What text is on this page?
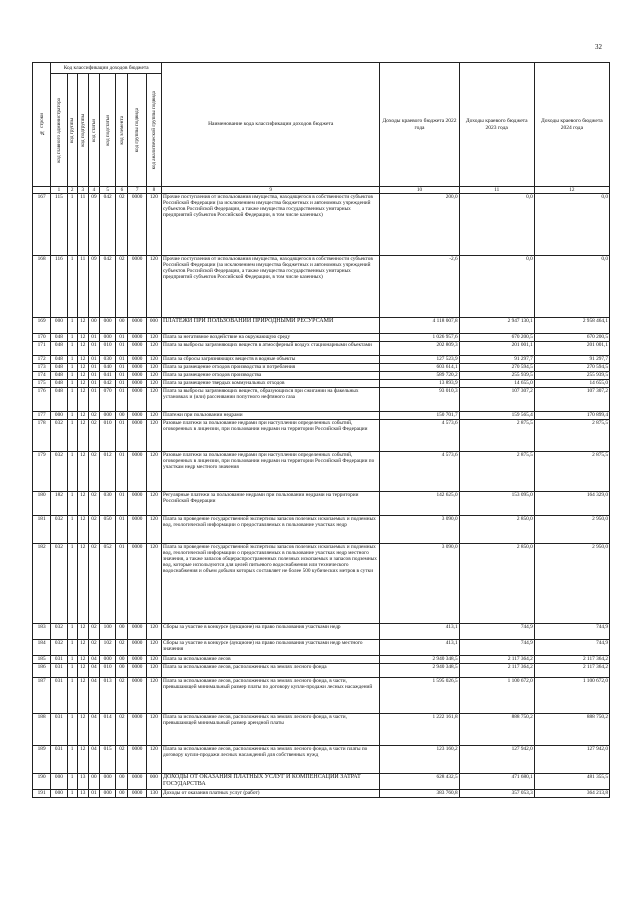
32
№ строки	Код классификации доходов бюджета								Наименование кода классификации доходов бюджета	Доходы краевого бюджета 2022 года	Доходы краевого бюджета 2023 года	Доходы краевого бюджета 2024 года

	код главного администратора	код группы	код подгруппы	код статьи	код подстатьи	код элемента	код группы подвида	код аналитической группы подвида				

	1	2	3	4	5	6	7	8	9	10	11	12
167	115	1	11	09	042	02	0000	120	Прочие поступления от использования имущества, находящегося в собственности субъектов Российской Федерации (за исключением имущества бюджетных и автономных учреждений субъектов Российской Федерации, а также имущества государственных унитарных предприятий субъектов Российской Федерации, в том числе казенных)	200,0	0,0	0,0
168	116	1	11	09	042	02	0000	120	Прочие поступления от использования имущества, находящегося в собственности субъектов Российской Федерации (за исключением имущества бюджетных и автономных учреждений субъектов Российской Федерации, а также имущества государственных унитарных предприятий субъектов Российской Федерации, в том числе казенных)	-2,6	0,0	0,0
169	000	1	12	00	000	00	0000	000	ПЛАТЕЖИ ПРИ ПОЛЬЗОВАНИИ ПРИРОДНЫМИ РЕСУРСАМИ	4 118 007,8	2 947 130,1	2 958 464,1
170	048	1	12	01	000	01	0000	120	Плата за негативное воздействие на окружающую среду	1 026 957,6	670 200,5	670 200,5
171	048	1	12	01	010	01	0000	120	Плата за выбросы загрязняющих веществ в атмосферный воздух стационарными объектами	202 809,3	201 001,1	201 001,1
172	048	1	12	01	030	01	0000	120	Плата за сбросы загрязняющих веществ в водные объекты	127 523,9	91 297,7	91 297,7
173	048	1	12	01	040	01	0000	120	Плата за размещение отходов производства и потребления	603 614,1	270 594,5	270 594,5
174	048	1	12	01	041	01	0000	120	Плата за размещение отходов производства	589 720,2	255 939,5	255 939,5
175	048	1	12	01	042	01	0000	120	Плата за размещение твердых коммунальных отходов	13 893,9	14 655,0	14 655,0
176	048	1	12	01	070	01	0000	120	Плата за выбросы загрязняющих веществ, образующихся при сжигании на факельных установках и (или) рассеивании попутного нефтяного газа	93 010,3	107 307,2	107 307,2
177	000	1	12	02	000	00	0000	120	Платежи при пользовании недрами	150 701,7	159 565,4	170 899,4
178	032	1	12	02	010	01	0000	120	Разовые платежи за пользование недрами при наступлении определенных событий, оговоренных в лицензии, при пользовании недрами на территории Российской Федерации	4 573,6	2 875,5	2 875,5
179	032	1	12	02	012	01	0000	120	Разовые платежи за пользование недрами при наступлении определенных событий, оговоренных в лицензии, при пользовании недрами на территории Российской Федерации по участкам недр местного значения	4 573,6	2 875,5	2 875,5
180	182	1	12	02	030	01	0000	120	Регулярные платежи за пользование недрами при пользовании недрами на территории Российской Федерации	142 625,0	153 095,0	164 329,0
181	032	1	12	02	050	01	0000	120	Плата за проведение государственной экспертизы запасов полезных ископаемых и подземных вод, геологической информации о предоставляемых в пользование участках недр	3 090,0	2 850,0	2 950,0
182	032	1	12	02	052	01	0000	120	Плата за проведение государственной экспертизы запасов полезных ископаемых и подземных вод, геологической информации о предоставляемых в пользование участках недр местного значения, а также запасов общераспространенных полезных ископаемых и запасов подземных вод, которые используются для целей питьевого водоснабжения или технического водоснабжения и объем добычи которых составляет не более 500 кубических метров в сутки	3 090,0	2 850,0	2 950,0
183	032	1	12	02	100	00	0000	120	Сборы за участие в конкурсе (аукционе) на право пользования участками недр	413,1	744,9	744,9
184	032	1	12	02	102	02	0000	120	Сборы за участие в конкурсе (аукционе) на право пользования участками недр местного значения	413,1	744,9	744,9
185	031	1	12	04	000	00	0000	120	Плата за использование лесов	2 940 348,5	2 117 364,2	2 117 364,2
186	031	1	12	04	010	00	0000	120	Плата за использование лесов, расположенных на землях лесного фонда	2 940 348,5	2 117 364,2	2 117 364,2
187	031	1	12	04	013	02	0000	120	Плата за использование лесов, расположенных на землях лесного фонда, в части, превышающей минимальный размер платы по договору купли-продажи лесных насаждений	1 595 026,5	1 100 672,0	1 100 672,0
188	031	1	12	04	014	02	0000	120	Плата за использование лесов, расположенных на землях лесного фонда, в части, превышающей минимальный размер арендной платы	1 222 161,8	888 750,2	888 750,2
189	031	1	12	04	015	02	0000	120	Плата за использование лесов, расположенных на землях лесного фонда, в части платы по договору купли-продажи лесных насаждений для собственных нужд	123 160,2	127 942,0	127 942,0
190	000	1	13	00	000	00	0000	000	ДОХОДЫ ОТ ОКАЗАНИЯ ПЛАТНЫХ УСЛУГ И КОМПЕНСАЦИИ ЗАТРАТ ГОСУДАРСТВА	628 432,5	471 680,1	481 355,5
191	000	1	13	01	000	00	0000	130	Доходы от оказания платных услуг (работ)	383 760,8	357 053,3	364 213,8
